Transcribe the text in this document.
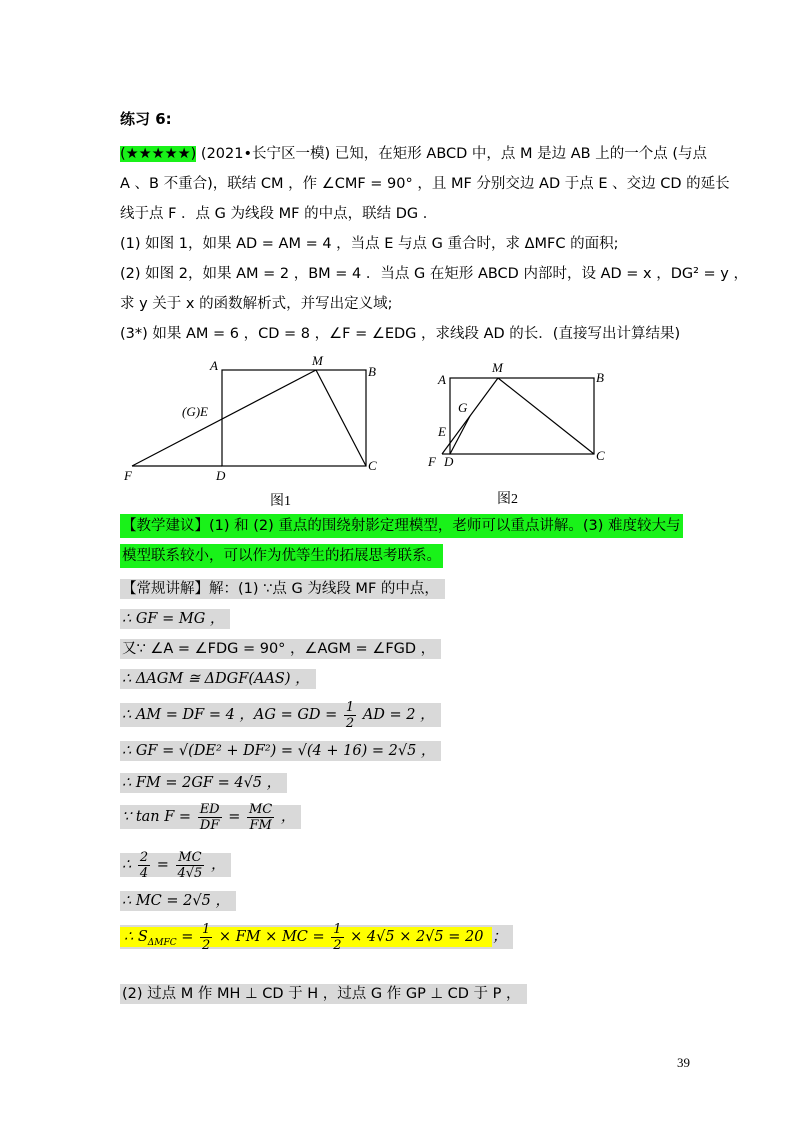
练习 6:
(★★★★★) (2021•长宁区一模) 已知，在矩形 ABCD 中，点 M 是边 AB 上的一个点 (与点
A 、B 不重合)，联结 CM ，作 ∠CMF = 90° ，且 MF 分别交边 AD 于点 E 、交边 CD 的延长
线于点 F ．点 G 为线段 MF 的中点，联结 DG ．
(1) 如图 1，如果 AD = AM = 4 ，当点 E 与点 G 重合时，求 ΔMFC 的面积;
(2) 如图 2，如果 AM = 2 ，BM = 4 ．当点 G 在矩形 ABCD 内部时，设 AD = x ，DG² = y ，
求 y 关于 x 的函数解析式，并写出定义域;
(3*) 如果 AM = 6 ，CD = 8 ，∠F = ∠EDG ，求线段 AD 的长．(直接写出计算结果)
A	M
B
(G)E
F	D
C
A
M
B
G
E
F D	C
图1	图2
【教学建议】(1) 和 (2) 重点的围绕射影定理模型，老师可以重点讲解。(3) 难度较大与
模型联系较小，可以作为优等生的拓展思考联系。
【常规讲解】解：(1) ∵点 G 为线段 MF 的中点，
∴ GF = MG ，
又∵ ∠A = ∠FDG = 90° ，∠AGM = ∠FGD ，
∴ ΔAGM ≅ ΔDGF(AAS) ，
∴ AM = DF = 4 ，AG = GD = $\frac{1}{2}$ AD = 2 ，
∴ GF = √(DE² + DF²) = √(4 + 16) = 2√5 ，
∴ FM = 2GF = 4√5 ，
∵ $\tan F = \frac{ED}{DF} = \frac{MC}{FM}$ ，
∴ $\frac{2}{4} = \frac{MC}{4√5}$ ，
∴ MC = 2√5 ，
∴ $S_{\Delta MFC} = \frac{1}{2}$ × FM × MC = $\frac{1}{2} \times 4√5 \times 2√5 = 20$ ；
(2) 过点 M 作 MH ⊥ CD 于 H ，过点 G 作 GP ⊥ CD 于 P ，
39
